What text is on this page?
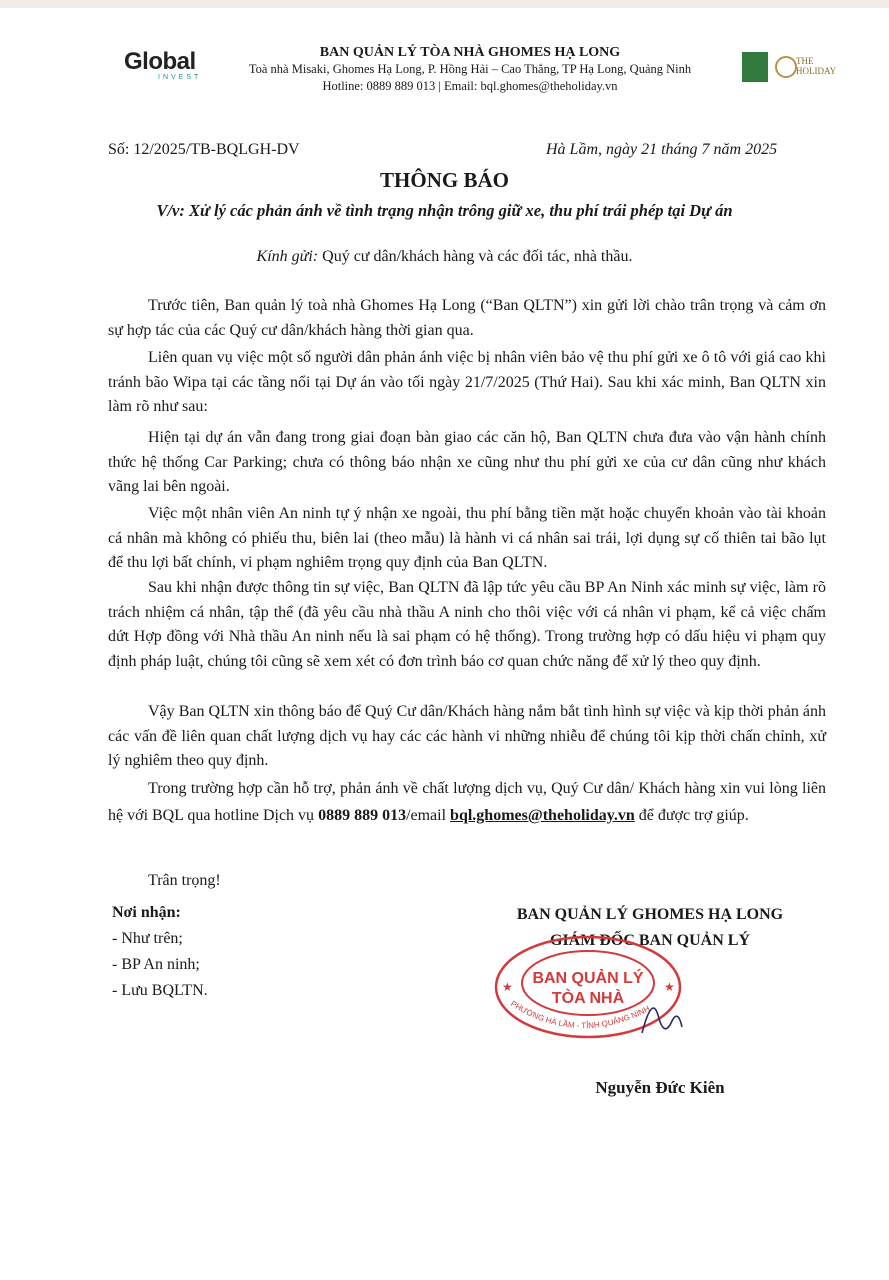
Global
INVEST
BAN QUẢN LÝ TÒA NHÀ GHOMES HẠ LONG
Toà nhà Misaki, Ghomes Hạ Long, P. Hồng Hải – Cao Thắng, TP Hạ Long, Quảng Ninh
Hotline: 0889 889 013 | Email: bql.ghomes@theholiday.vn
THE HOLIDAY
Số: 12/2025/TB-BQLGH-DV	Hà Lầm, ngày 21 tháng 7 năm 2025
THÔNG BÁO
V/v: Xử lý các phản ánh về tình trạng nhận trông giữ xe, thu phí trái phép tại Dự án
Kính gửi: Quý cư dân/khách hàng và các đối tác, nhà thầu.
Trước tiên, Ban quản lý toà nhà Ghomes Hạ Long (“Ban QLTN”) xin gửi lời chào trân trọng và cảm ơn sự hợp tác của các Quý cư dân/khách hàng thời gian qua.
Liên quan vụ việc một số người dân phản ánh việc bị nhân viên bảo vệ thu phí gửi xe ô tô với giá cao khi tránh bão Wipa tại các tầng nổi tại Dự án vào tối ngày 21/7/2025 (Thứ Hai). Sau khi xác minh, Ban QLTN xin làm rõ như sau:
Hiện tại dự án vẫn đang trong giai đoạn bàn giao các căn hộ, Ban QLTN chưa đưa vào vận hành chính thức hệ thống Car Parking; chưa có thông báo nhận xe cũng như thu phí gửi xe của cư dân cũng như khách vãng lai bên ngoài.
Việc một nhân viên An ninh tự ý nhận xe ngoài, thu phí bằng tiền mặt hoặc chuyển khoản vào tài khoản cá nhân mà không có phiếu thu, biên lai (theo mẫu) là hành vi cá nhân sai trái, lợi dụng sự cố thiên tai bão lụt để thu lợi bất chính, vi phạm nghiêm trọng quy định của Ban QLTN.
Sau khi nhận được thông tin sự việc, Ban QLTN đã lập tức yêu cầu BP An Ninh xác minh sự việc, làm rõ trách nhiệm cá nhân, tập thể (đã yêu cầu nhà thầu A ninh cho thôi việc với cá nhân vi phạm, kể cả việc chấm dứt Hợp đồng với Nhà thầu An ninh nếu là sai phạm có hệ thống). Trong trường hợp có dấu hiệu vi phạm quy định pháp luật, chúng tôi cũng sẽ xem xét có đơn trình báo cơ quan chức năng để xử lý theo quy định.
Vậy Ban QLTN xin thông báo để Quý Cư dân/Khách hàng nắm bắt tình hình sự việc và kịp thời phản ánh các vấn đề liên quan chất lượng dịch vụ hay các các hành vi những nhiễu để chúng tôi kịp thời chấn chỉnh, xử lý nghiêm theo quy định.
Trong trường hợp cần hỗ trợ, phản ánh về chất lượng dịch vụ, Quý Cư dân/ Khách hàng xin vui lòng liên hệ với BQL qua hotline Dịch vụ 0889 889 013/email bql.ghomes@theholiday.vn để được trợ giúp.
Trân trọng!
Nơi nhận:
- Như trên;
- BP An ninh;
- Lưu BQLTN.
BAN QUẢN LÝ GHOMES HẠ LONG
GIÁM ĐỐC BAN QUẢN LÝ
★	★
BAN QUẢN LÝ
TÒA NHÀ
PHƯỜNG HÀ LẦM - TỈNH QUẢNG NINH
Nguyễn Đức Kiên
